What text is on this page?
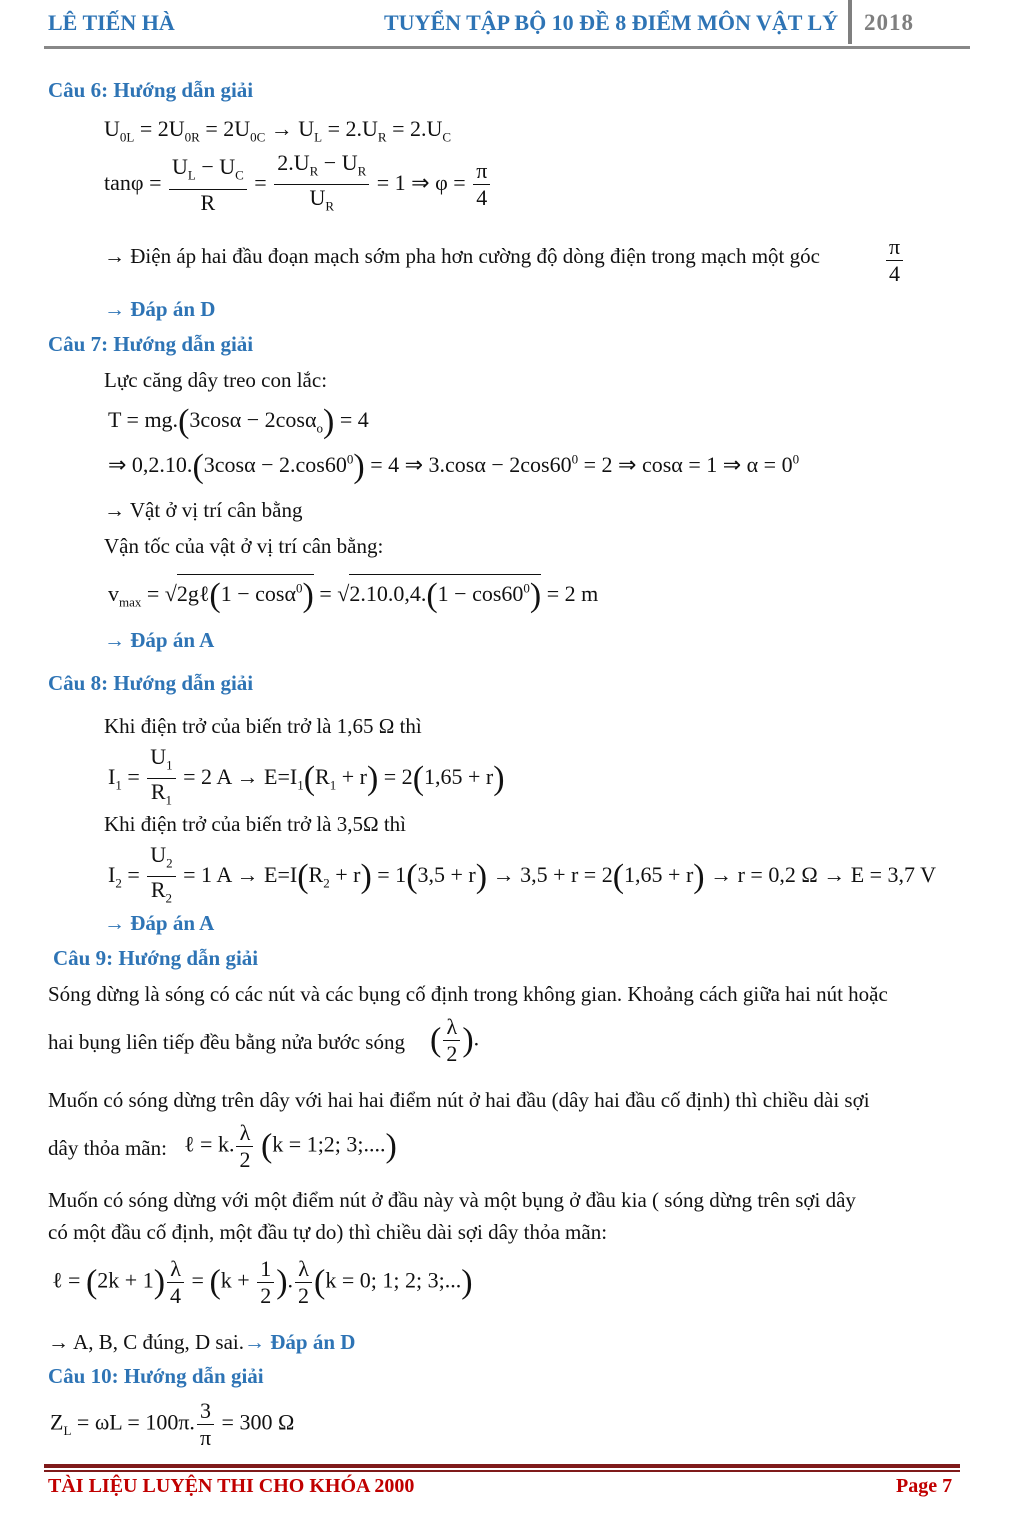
LÊ TIẾN HÀ	TUYỂN TẬP BỘ 10 ĐỀ 8 ĐIỂM MÔN VẬT LÝ 2018
Câu 6: Hướng dẫn giải
$U_{0L} = 2U_{0R} = 2U_{0C} \to U_L = 2.U_R = 2.U_C$
$\tan\varphi = \frac{U_L - U_C}{R} = \frac{2.U_R - U_R}{U_R} = 1$ ⇒ $\varphi = \frac{\pi}{4}$
→ Điện áp hai đầu đoạn mạch sớm pha hơn cường độ dòng điện trong mạch một góc	$\frac{\pi}{4}$
→ Đáp án D
Câu 7: Hướng dẫn giải
Lực căng dây treo con lắc:
T = mg.(3cosα − 2cosα$_o$) = 4
⇒ $0,2.10.(3\cos\alpha - 2.\cos 60^0) = 4$ ⇒ $3.\cos\alpha - 2\cos 60^0 = 2$ ⇒ cosα = 1 ⇒ $\alpha = 0^0$
→ Vật ở vị trí cân bằng
Vận tốc của vật ở vị trí cân bằng:
$v_{max}$ = √2gℓ(1 − $\cos\alpha^0) = √2.10.0,4.(1 - \cos 60^0) = 2$ m
→ Đáp án A
Câu 8: Hướng dẫn giải
Khi điện trở của biến trở là 1,65 Ω thì
$I_1 = \frac{U_1}{R_1} = 2$ $A \to E=I_1(R_1 + r) = 2(1,65 + r)$
Khi điện trở của biến trở là 3,5Ω thì
$I_2 = \frac{U_2}{R_2} = 1$ $A \to E=I(R_2 + r) = 1(3,5 + r) \to 3,5 + r = 2(1,65 + r) \to r = 0,2$ Ω → E = 3,7 V
→ Đáp án A
Câu 9: Hướng dẫn giải
Sóng dừng là sóng có các nút và các bụng cố định trong không gian. Khoảng cách giữa hai nút hoặc
hai bụng liên tiếp đều bằng nửa bước sóng ( $\frac{\lambda}{2}$ ).
Muốn có sóng dừng trên dây với hai hai điểm nút ở hai đầu (dây hai đầu cố định) thì chiều dài sợi
dây thỏa mãn: ℓ = k. $\frac{\lambda}{2} (k$ = 1;2; 3;....)
Muốn có sóng dừng với một điểm nút ở đầu này và một bụng ở đầu kia ( sóng dừng trên sợi dây
có một đầu cố định, một đầu tự do) thì chiều dài sợi dây thỏa mãn:
ℓ = $(2k + 1) \frac{\lambda}{4} = (k + \frac{1}{2}$ ). $\frac{\lambda}{2} (k = 0$; 1; 2; 3;...)
→ A, B, C đúng, D sai.→ Đáp án D
Câu 10: Hướng dẫn giải
$Z_L = \omega L = 100\pi$. $\frac{3}{\pi} = 300$ Ω
TÀI LIỆU LUYỆN THI CHO KHÓA 2000	Page 7
